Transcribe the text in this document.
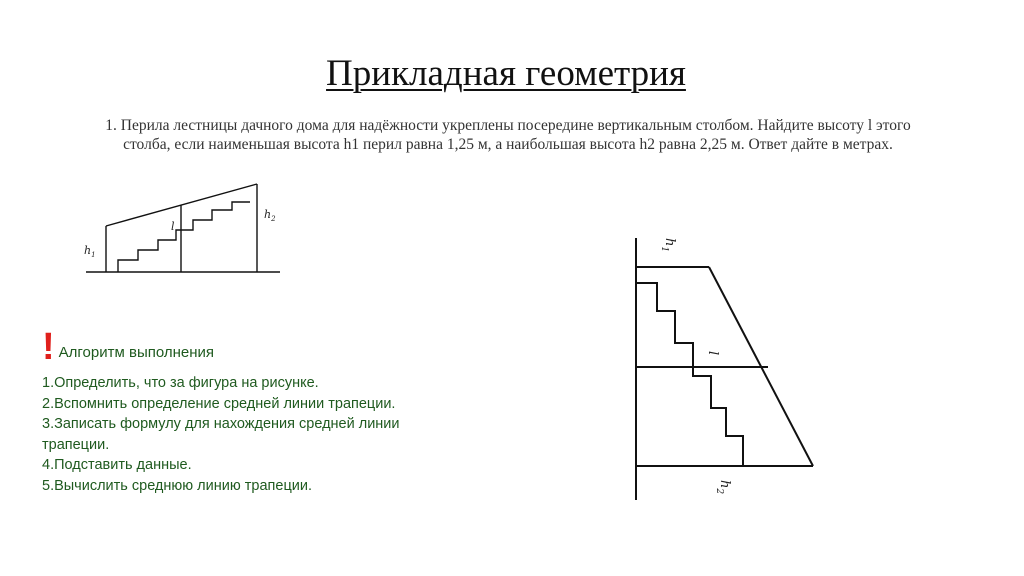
Прикладная геометрия
1. Перила лестницы дачного дома для надёжности укреплены посередине вертикальным столбом. Найдите высоту l этого
столба, если наименьшая высота h1 перил равна 1,25 м, а наибольшая высота h2 равна 2,25 м. Ответ дайте в метрах.
$h_1$
$h_2$
l
$h_1$
l
$h_2$
! Алгоритм выполнения
1.Определить, что за фигура на рисунке.
2.Вспомнить определение средней линии трапеции.
3.Записать формулу для нахождения средней линии трапеции.
4.Подставить данные.
5.Вычислить среднюю линию трапеции.
